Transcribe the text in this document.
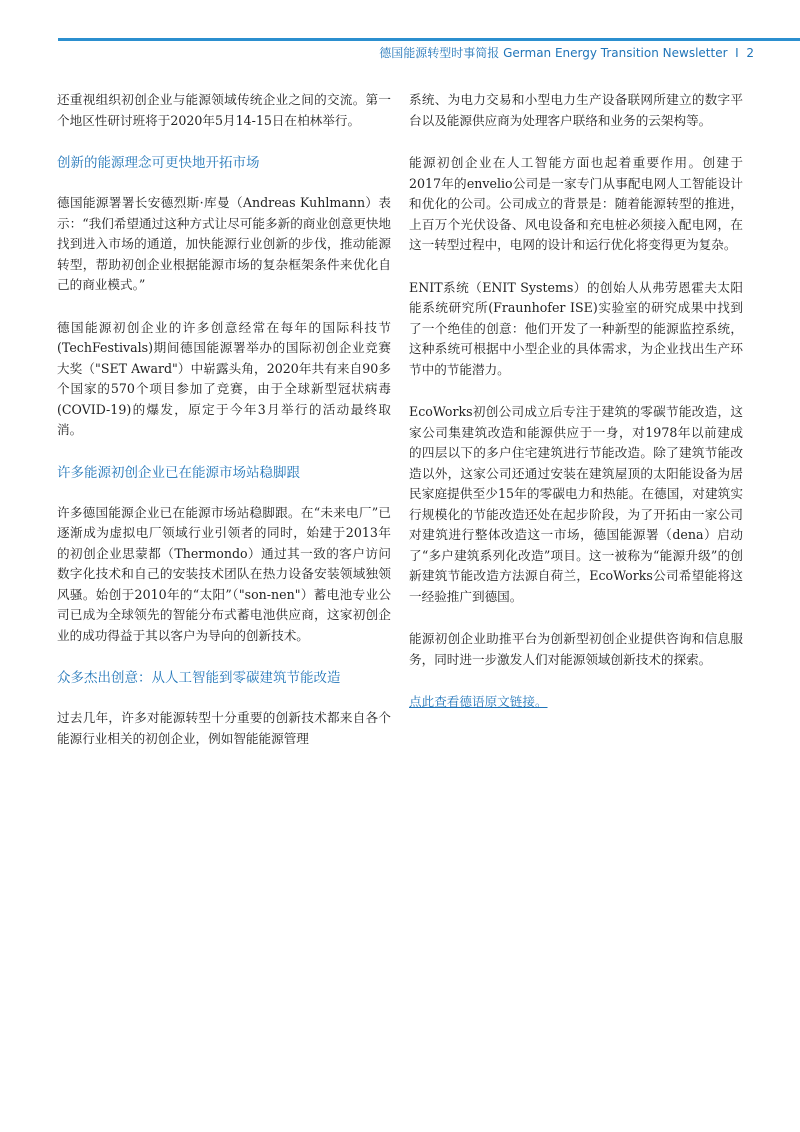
德国能源转型时事简报 German Energy Transition Newsletter I 2

还重视组织初创企业与能源领域传统企业之间的交流。第一个地区性研讨班将于2020年5月14-15日在柏林举行。

创新的能源理念可更快地开拓市场

德国能源署署长安德烈斯·库曼（Andreas Kuhlmann）表示：“我们希望通过这种方式让尽可能多新的商业创意更快地找到进入市场的通道，加快能源行业创新的步伐，推动能源转型，帮助初创企业根据能源市场的复杂框架条件来优化自己的商业模式。”

德国能源初创企业的许多创意经常在每年的国际科技节(TechFestivals)期间德国能源署举办的国际初创企业竞赛大奖（"SET Award"）中崭露头角，2020年共有来自90多个国家的570个项目参加了竞赛，由于全球新型冠状病毒(COVID-19)的爆发，原定于今年3月举行的活动最终取消。

许多能源初创企业已在能源市场站稳脚跟

许多德国能源企业已在能源市场站稳脚跟。在“未来电厂”已逐渐成为虚拟电厂领域行业引领者的同时，始建于2013年的初创企业思蒙都（Thermondo）通过其一致的客户访问数字化技术和自己的安装技术团队在热力设备安装领域独领风骚。始创于2010年的“太阳”（"son-nen"）蓄电池专业公司已成为全球领先的智能分布式蓄电池供应商，这家初创企业的成功得益于其以客户为导向的创新技术。

众多杰出创意：从人工智能到零碳建筑节能改造

过去几年，许多对能源转型十分重要的创新技术都来自各个能源行业相关的初创企业，例如智能能源管理

系统、为电力交易和小型电力生产设备联网所建立的数字平台以及能源供应商为处理客户联络和业务的云架构等。

能源初创企业在人工智能方面也起着重要作用。创建于2017年的envelio公司是一家专门从事配电网人工智能设计和优化的公司。公司成立的背景是：随着能源转型的推进，上百万个光伏设备、风电设备和充电桩必须接入配电网，在这一转型过程中，电网的设计和运行优化将变得更为复杂。

ENIT系统（ENIT Systems）的创始人从弗劳恩霍夫太阳能系统研究所(Fraunhofer ISE)实验室的研究成果中找到了一个绝佳的创意：他们开发了一种新型的能源监控系统，这种系统可根据中小型企业的具体需求，为企业找出生产环节中的节能潜力。

EcoWorks初创公司成立后专注于建筑的零碳节能改造，这家公司集建筑改造和能源供应于一身，对1978年以前建成的四层以下的多户住宅建筑进行节能改造。除了建筑节能改造以外，这家公司还通过安装在建筑屋顶的太阳能设备为居民家庭提供至少15年的零碳电力和热能。在德国，对建筑实行规模化的节能改造还处在起步阶段，为了开拓由一家公司对建筑进行整体改造这一市场，德国能源署（dena）启动了“多户建筑系列化改造”项目。这一被称为“能源升级”的创新建筑节能改造方法源自荷兰，EcoWorks公司希望能将这一经验推广到德国。

能源初创企业助推平台为创新型初创企业提供咨询和信息服务，同时进一步激发人们对能源领域创新技术的探索。

点此查看德语原文链接。
